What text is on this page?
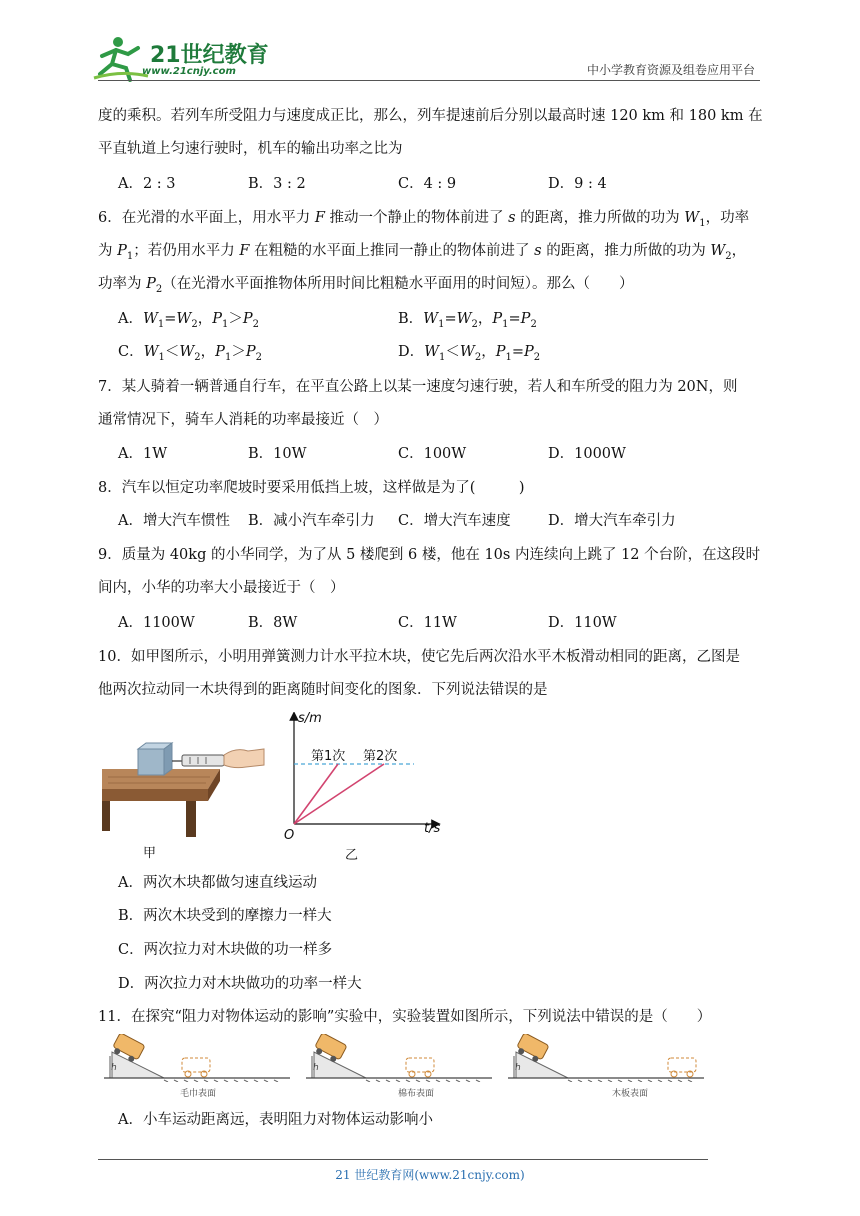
21世纪教育
www.21cnjy.com	中小学教育资源及组卷应用平台
度的乘积。若列车所受阻力与速度成正比，那么，列车提速前后分别以最高时速 120 km 和 180 km 在
平直轨道上匀速行驶时，机车的输出功率之比为
A．2 : 3	B．3 : 2	C．4 : 9	D．9 : 4
6．在光滑的水平面上，用水平力 F 推动一个静止的物体前进了 s 的距离，推力所做的功为 $W_1$，功率
为 $P_1$；若仍用水平力 F 在粗糙的水平面上推同一静止的物体前进了 s 的距离，推力所做的功为 $W_2$，
功率为 $P_2$（在光滑水平面推物体所用时间比粗糙水平面用的时间短）。那么（　　）
A．$W_1=W_2$，$P_1>P_2$	B．$W_1=W_2$，$P_1=P_2$
C．$W_1<W_2$，$P_1>P_2$	D．$W_1<W_2$，$P_1=P_2$
7．某人骑着一辆普通自行车，在平直公路上以某一速度匀速行驶，若人和车所受的阻力为 20N，则
通常情况下，骑车人消耗的功率最接近（　）
A．1W	B．10W	C．100W	D．1000W
8．汽车以恒定功率爬坡时要采用低挡上坡，这样做是为了(　　　)
A．增大汽车惯性 B．减小汽车牵引力 C．增大汽车速度	D．增大汽车牵引力
9．质量为 40kg 的小华同学，为了从 5 楼爬到 6 楼，他在 10s 内连续向上跳了 12 个台阶，在这段时
间内，小华的功率大小最接近于（　）
A．1100W	B．8W	C．11W	D．110W
10．如甲图所示，小明用弹簧测力计水平拉木块，使它先后两次沿水平木板滑动相同的距离，乙图是
他两次拉动同一木块得到的距离随时间变化的图象．下列说法错误的是
甲
s/m
t/s
O
第1次 第2次
乙
A．两次木块都做匀速直线运动
B．两次木块受到的摩擦力一样大
C．两次拉力对木块做的功一样多
D．两次拉力对木块做功的功率一样大
11．在探究“阻力对物体运动的影响”实验中，实验装置如图所示，下列说法中错误的是（　　）
h
毛巾表面
h
棉布表面
h
木板表面
A．小车运动距离远，表明阻力对物体运动影响小
21 世纪教育网(www.21cnjy.com)
